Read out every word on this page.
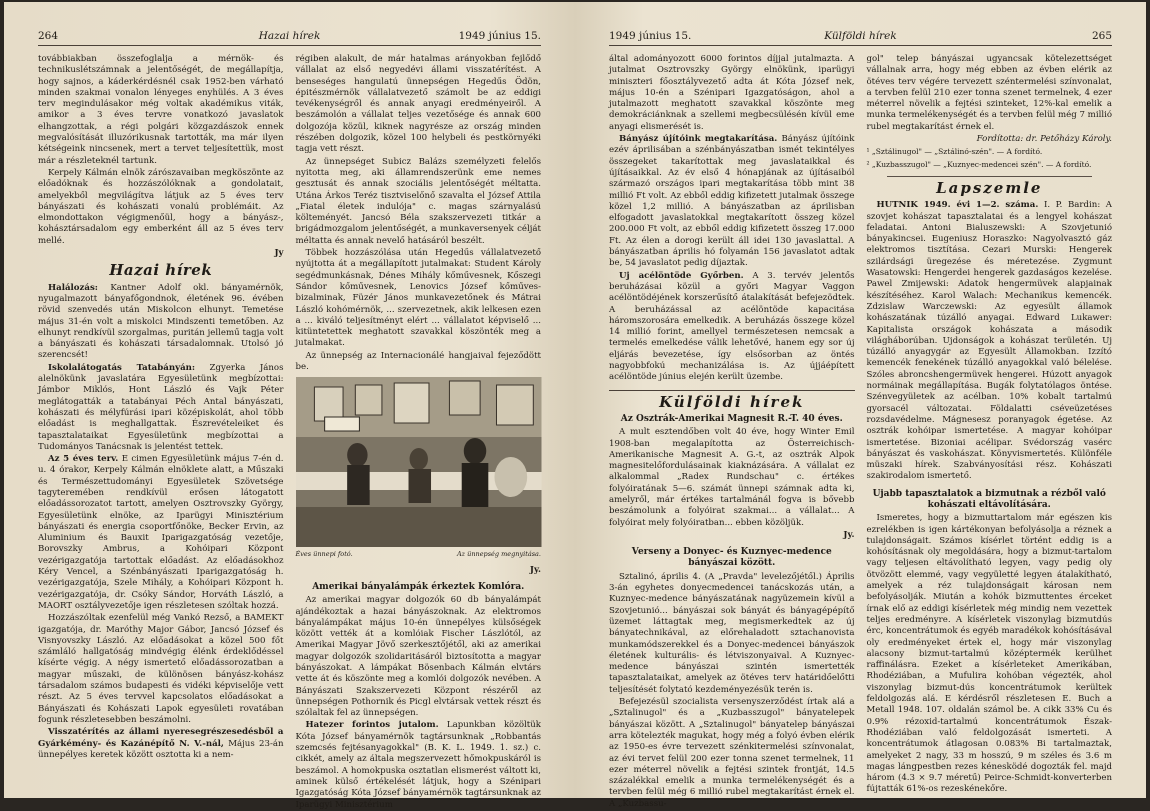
264	Hazai hírek	1949 június 15.

továbbiakban összefoglalja a mérnök- és technikuslétszámnak a jelentőségét, de megállapítja, hogy sajnos, a káderkérdésnél csak 1952-ben várható minden szakmai vonalon lényeges enyhülés. A 3 éves terv megindulásakor még voltak akadémikus viták, amikor a 3 éves tervre vonatkozó javaslatok elhangzottak, a régi polgári közgazdászok ennek megvalósítását illuzórikusnak tartották, ma már ilyen kétségeink nincsenek, mert a tervet teljesítettük, most már a részleteknél tartunk.

Kerpely Kálmán elnök zárószavaiban megköszönte az előadóknak és hozzászólóknak a gondolatait, amelyekből megvilágítva látjuk az 5 éves terv bányászati és kohászati vonalú problémáit. Az elmondottakon végigmenőül, hogy a bányász-, kohásztársadalom egy emberként áll az 5 éves terv mellé.

Jy

Hazai hírek

Halálozás: Kantner Adolf okl. bányamérnök, nyugalmazott bányafőgondnok, életének 96. évében rövid szenvedés után Miskolcon elhunyt. Temetése május 31-én volt a miskolci Mindszenti temetőben. Az elhunyt rendkívül szorgalmas, puritán jellemű tagja volt a bányászati és kohászati társadalomnak. Utolsó jó szerencsét!

Iskolalátogatás Tatabányán: Zgyerka János alelnökünk javaslatára Egyesületünk megbízottai: Jámbor Miklós, Hont László és Vajk Péter meglátogatták a tatabányai Péch Antal bányászati, kohászati és mélyfúrási ipari középiskolát, ahol több előadást is meghallgattak. Észrevételeiket és tapasztalataikat Egyesületünk megbízottai a Tudományos Tanácsnak is jelentést tettek.

Az 5 éves terv. E cimen Egyesületünk május 7-én d. u. 4 órakor, Kerpely Kálmán elnöklete alatt, a Műszaki és Természettudományi Egyesületek Szövetsége tagyteremében rendkívül erősen látogatott előadássorozatot tartott, amelyen Osztrovszky György, Egyesületünk elnöke, az Iparügyi Minisztérium bányászati és energia csoportfőnöke, Becker Ervin, az Aluminium és Bauxit Iparigazgatóság vezetője, Borovszky Ambrus, a Kohóipari Központ vezérigazgatója tartottak előadást. Az előadásokhoz Kéry Vencel, a Szénbányászati Iparigazgatóság h. vezérigazgatója, Szele Mihály, a Kohóipari Központ h. vezérigazgatója, dr. Csóky Sándor, Horváth László, a MAORT osztályvezetője igen részletesen szóltak hozzá.

Hozzászóltak ezenfelül még Vankó Rezső, a BAMEKT igazgatója, dr. Maróthy Major Gábor, Jancsó József és Visnyovszky László. Az előadásokat a közel 500 főt számláló hallgatóság mindvégig élénk érdeklődéssel kísérte végig. A négy ismertető előadássorozatban a magyar műszaki, de különösen bányász-kohász társadalom számos budapesti és vidéki képviselője vett részt. Az 5 éves tervvel kapcsolatos előadásokat a Bányászati és Kohászati Lapok egyesületi rovatában fogunk részletesebben beszámolni.

Visszatérítés az állami nyeresegrészesedésből a Gyárkémény- és Kazánépítő N. V.-nál, Május 23-án ünnepélyes keretek között osztotta ki a nem-

régiben alakult, de már hatalmas arányokban fejlődő vállalat az első negyedévi állami visszatérítést. A benseséges hangulatú ünnepségen Hegedűs Ödön, épitészmérnök vállalatvezető számolt be az eddigi tevékenységről és annak anyagi eredményeiről. A beszámolón a vállalat teljes vezetősége és annak 600 dolgozója közül, kiknek nagyrésze az ország minden részében dolgozik, közel 100 helybeli és pestkörnyéki tagja vett részt.

Az ünnepséget Subicz Balázs személyzeti felelős nyitotta meg, aki államrendszerünk eme nemes gesztusát és annak szociális jelentőségét méltatta. Utána Árkos Teréz tisztviselőnő szavalta el József Attila „Fiatal életek indulója" c. magas szárnyalású költeményét. Jancsó Béla szakszervezeti titkár a brigádmozgalom jelentőségét, a munkaversenyek célját méltatta és annak nevelő hatásáról beszélt.

Többek hozzászólása után Hegedűs vállalatvezető nyújtotta át a megállapított jutalmakat: Student Károly segédmunkásnak, Dénes Mihály kőművesnek, Kőszegi Sándor kőművesnek, Lenovics József kőműves-bizalminak, Füzér János munkavezetőnek és Mátrai László kohómérnök, ... szervezetnek, akik lelkesen ezen a ... kiváló teljesítményt elért ... vállalatot képviselő ... kitüntetettek meghatott szavakkal köszönték meg a jutalmakat.

Az ünnepség az Internacionálé hangjaival fejeződött be.

Éves ünnepi fotó.	Az ünnepség megnyitása.

Jy.

Amerikai bányalámpák érkeztek Komlóra.

Az amerikai magyar dolgozók 60 db bányalámpát ajándékoztak a hazai bányászoknak. Az elektromos bányalámpákat május 10-én ünnepélyes külsőségek között vették át a komlóiak Fischer Lászlótól, az Amerikai Magyar Jövő szerkesztőjétől, aki az amerikai magyar dolgozók szolidaritásáról biztosította a magyar bányászokat. A lámpákat Bösenbach Kálmán elvtárs vette át és köszönte meg a komlói dolgozók nevében. A Bányászati Szakszervezeti Központ részéről az ünnepségen Pothornik és Picgl elvtársak vettek részt és szólaltak fel az ünnepségen.

Hatezer forintos jutalom. Lapunkban közöltük Kóta József bányamérnök tagtársunknak „Robbantás szemcsés fejtésanyagokkal" (B. K. L. 1949. 1. sz.) c. cikkét, amely az általa megszervezett hőmokpuskáról is beszámol. A homokpuska osztatlan elismerést váltott ki, aminek külső értékelését látjuk, hogy a Szénipari Igazgatóság Kóta József bányamérnök tagtársunknak az Iparügyi Minisztérium

1949 június 15.	Külföldi hírek	265

által adományozott 6000 forintos díjjal jutalmazta. A jutalmat Osztrovszky György elnökünk, iparügyi miniszteri főosztályvezető adta át Kóta József nek, május 10-én a Szénipari Igazgatóságon, ahol a jutalmazott meghatott szavakkal köszönte meg demokráciánknak a szellemi megbecsülésén kívül eme anyagi elismerését is.

Bányász újítóink megtakarítása. Bányász újítóink ezév áprilisában a szénbányászatban ismét tekintélyes összegeket takarítottak meg javaslataikkal és újításaikkal. Az év első 4 hónapjának az újításaiból származó országos ipari megtakarítása több mint 38 millió Ft volt. Az ebből eddig kifizetett jutalmak összege közel 1,2 millió. A bányászatban az áprilisban elfogadott javaslatokkal megtakarított összeg közel 200.000 Ft volt, az ebből eddig kifizetett összeg 17.000 Ft. Az élen a dorogi került áll idei 130 javaslattal. A bányászatban április hó folyamán 156 javaslatot adtak be, 54 javaslatot pedig díjaztak.

Uj acélöntöde Győrben. A 3. tervév jelentős beruházásai közül a győri Magyar Vaggon acélöntödéjének korszerűsítő átalakítását befejezödtek. A beruházással az acélöntöde kapacitása háromszorosára emelkedik. A beruházás összege közel 14 millió forint, amellyel természetesen nemcsak a termelés emelkedése válik lehetővé, hanem egy sor új eljárás bevezetése, így elsősorban az öntés nagyobbfokú mechanizálása is. Az újjáépített acélöntöde június elején került üzembe.

Külföldi hírek
Az Osztrák-Amerikai Magnesit R.-T. 40 éves.

A mult esztendőben volt 40 éve, hogy Winter Emil 1908-ban megalapította az Österreichisch-Amerikanische Magnesit A. G.-t, az osztrák Alpok magnesitelőfordulásainak kiaknázására. A vállalat ez alkalommal „Radex Rundschau" c. értékes folyóiratának 5—6. számát ünnepi számnak adta ki, amelyről, már értékes tartalmánál fogva is bővebb beszámolunk a folyóirat szakmai... a vállalat... A folyóirat mely folyóiratban... ebben közöljük.

Jy.

Verseny a Donyec- és Kuznyec-medence bányászai között.

Sztalinó, április 4. (A „Pravda" levelezőjétől.) Április 3-án egyhetes donyecmedencei tanácskozás után, a Kuznyec-medence bányászatának nagyüzemein kívül a Szovjetunió... bányászai sok bányát és bányagépépítő üzemet láttagtak meg, megismerkedtek az új bányatechnikával, az előrehaladott sztachanovista munkamódszerekkel és a Donyec-medencei bányászok életének kulturális- és létviszonyaival. A Kuznyec-medence bányászai szintén ismertették tapasztalataikat, amelyek az ötéves terv határidőelőtti teljesítését folytató kezdeményezésük terén is.

Befejezésül szocialista versenyszerződést írtak alá a „Sztalinugol" és a „Kuzbasszugol" bányatelepek bányászai között. A „Sztalinugol" bányatelep bányászai arra kötelezték magukat, hogy még a folyó évben elérik az 1950-es évre tervezett szénkitermelési színvonalat, az évi tervet felül 200 ezer tonna szenet termelnek, 11 ezer méterrel növelik a fejtési szintek frontját, 14.5 százalékkal emelik a munka termelékenységét és a tervben felül még 6 millió rubel megtakarítást érnek el. A „Kuzbassu-

gol" telep bányászai ugyancsak kötelezettséget vállalnak arra, hogy még ebben az évben elérik az ötéves terv végére tervezett széntermelési színvonalat, a tervben felül 210 ezer tonna szenet termelnek, 4 ezer méterrel növelik a fejtési szinteket, 12%-kal emelik a munka termelékenységét és a tervben felül még 7 millió rubel megtakarítást érnek el.

Fordította: dr. Petőházy Károly.

¹ „Sztálinugol" — „Sztálinó-szén". — A fordító.

² „Kuzbasszugol" — „Kuznyec-medencei szén". — A fordító.

Lapszemle

HUTNIK 1949. évi 1—2. száma. I. P. Bardin: A szovjet kohászat tapasztalatai és a lengyel kohászat feladatai. Antoni Bialuszewski: A Szovjetunió bányakincsei. Eugeniusz Horaszko: Nagyolvasztó gáz elektromos tisztítása. Cezari Murski: Hengerek szilárdsági üregezése és méretezése. Zygmunt Wasatowski: Hengerdei hengerek gazdaságos kezelése. Pawel Zmijewski: Adatok hengermüvek alapjainak készítéséhez. Karol Walach: Mechanikus kemencék. Zdzislaw Warczewski: Az egyesült államok kohászatának túzálló anyagai. Edward Lukawer: Kapitalista országok kohászata a második világháborúban. Ujdonságok a kohászat területén. Uj túzálló anyagygár az Egyesült Államokban. Izzító kemencék fenekének túzálló anyagokkal való bélelése. Szóles abroncshengermüvek hengerei. Húzott anyagok normáinak megállapítása. Bugák folytatólagos öntése. Szénvegyületek az acélban. 10% kobalt tartalmú gyorsacél változatai. Földalatti cséveüzetéses rozsdavédelme. Mágnesesz poranyagok égetése. Az osztrák kohóipar ismertetése. A magyar kohóipar ismertetése. Bizoniai acélipar. Svédország vasérc bányászat és vaskohászat. Könyvismertetés. Különféle müszaki hírek. Szabványosítási rész. Kohászati szakirodalom ismertető.

Ujabb tapasztalatok a bizmutnak a rézből való kohászati eltávolítására.

Ismeretes, hogy a bizmuttartalom már egészen kis ezrelékben is igen kártékonyan befolyásolja a réznek a tulajdonságait. Számos kísérlet történt eddig is a kohósításnak oly megoldására, hogy a bizmut-tartalom vagy teljesen eltávolítható legyen, vagy pedig oly ötvözött elemmé, vagy vegyületté legyen átalakítható, amelyek a réz tulajdonságait károsan nem befolyásolják. Miután a kohók bizmuttentes érceket írnak elő az eddigi kísérletek még mindig nem vezettek teljes eredményre. A kísérletek viszonylag bizmutdús érc, koncentrátumok és egyéb maradékok kohósításával oly eredményeket értek el, hogy már viszonylag alacsony bizmut-tartalmú középtermék kerülhet raffinálásra. Ezeket a kísérleteket Amerikában, Rhodéziában, a Mufulira kohóban végezték, ahol viszonylag bizmut-dús koncentrátumok kerültek feldolgozás alá. E kérdésről részletesen E. Buch a Metall 1948. 107. oldalán számol be. A cikk 33% Cu és 0.9% rézoxid-tartalmú koncentrátumok Észak-Rhodéziában való feldolgozását ismerteti. A koncentrátumok átlagosan 0.083% Bi tartalmaztak, amelyeket 2 nagy, 33 m hosszú, 9 m széles és 3.6 m magas lángpestben rezes kénesködé dogozták fel. majd három (4.3 × 9.7 méretű) Peirce-Schmidt-konverterben fújtatták 61%-os rezeskénekőre.
